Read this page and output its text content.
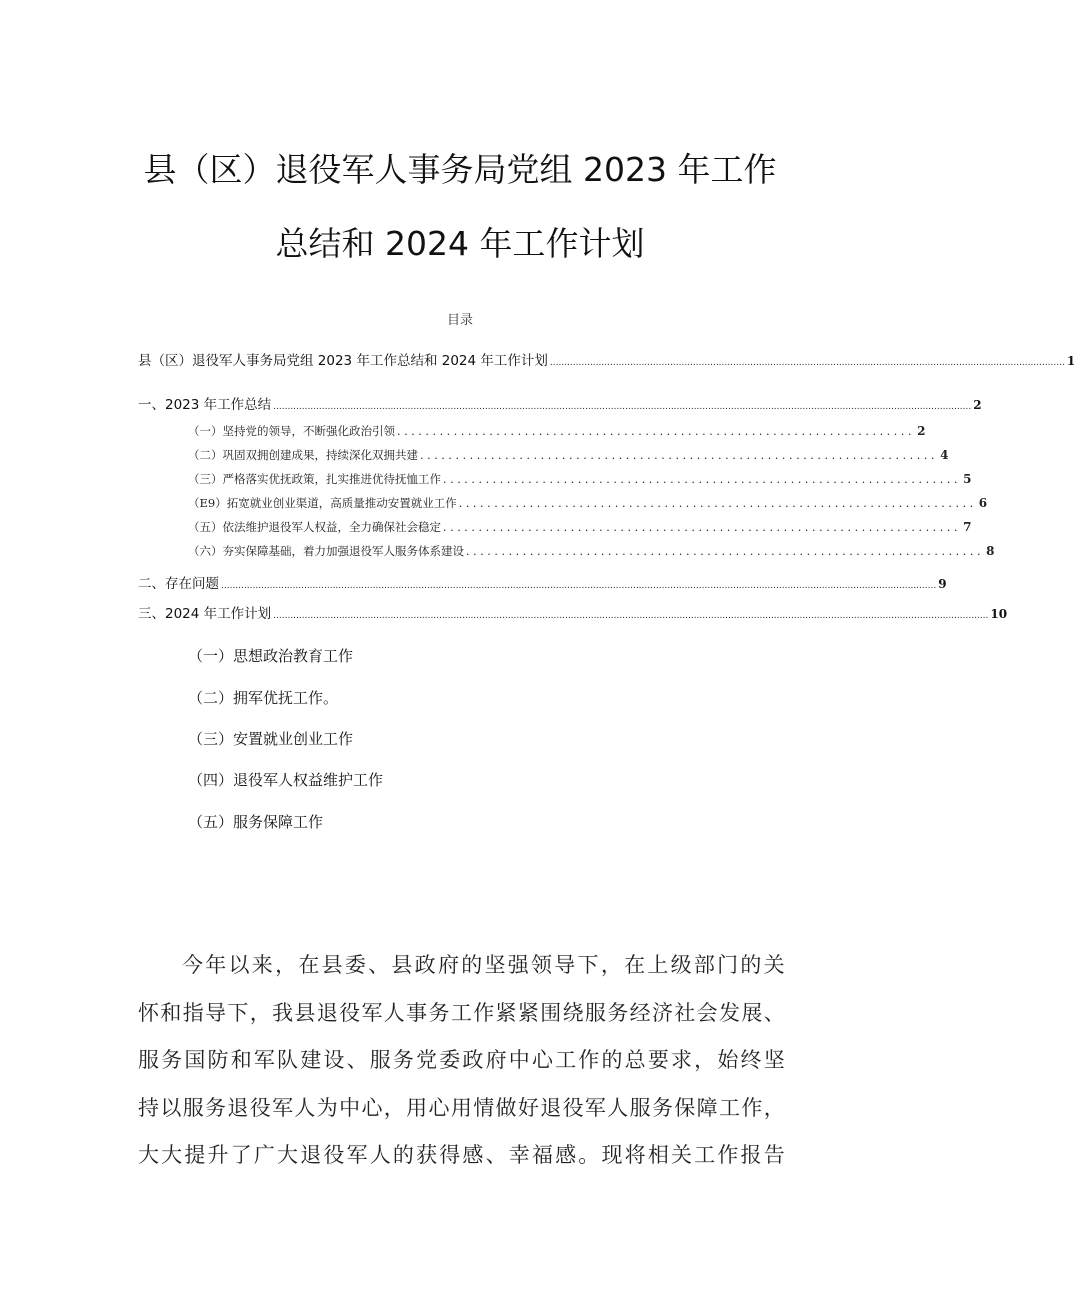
县（区）退役军人事务局党组 2023 年工作
总结和 2024 年工作计划
目录
县（区）退役军人事务局党组 2023 年工作总结和 2024 年工作计划 .................................................................................................................................................................................... 1
一、2023 年工作总结 .................................................................................................................................................................................................................................................... 2
（一）坚持党的领导，不断强化政治引领 ......................................................................... 2
（二）巩固双拥创建成果，持续深化双拥共建 ......................................................................... 4
（三）严格落实优抚政策，扎实推进优待抚恤工作 ......................................................................... 5
（E9）拓宽就业创业渠道，高质量推动安置就业工作 ......................................................................... 6
（五）依法维护退役军人权益，全力确保社会稳定 ......................................................................... 7
（六）夯实保障基础，着力加强退役军人服务体系建设 ......................................................................... 8
二、存在问题 .......................................................................................................................................................................................................................................................... 9
三、2024 年工作计划 .......................................................................................................................................................................................................................................................... 10
（一）思想政治教育工作
（二）拥军优抚工作。
（三）安置就业创业工作
（四）退役军人权益维护工作
（五）服务保障工作
今年以来，在县委、县政府的坚强领导下，在上级部门的关
怀和指导下，我县退役军人事务工作紧紧围绕服务经济社会发展、
服务国防和军队建设、服务党委政府中心工作的总要求，始终坚
持以服务退役军人为中心，用心用情做好退役军人服务保障工作，
大大提升了广大退役军人的获得感、幸福感。现将相关工作报告
